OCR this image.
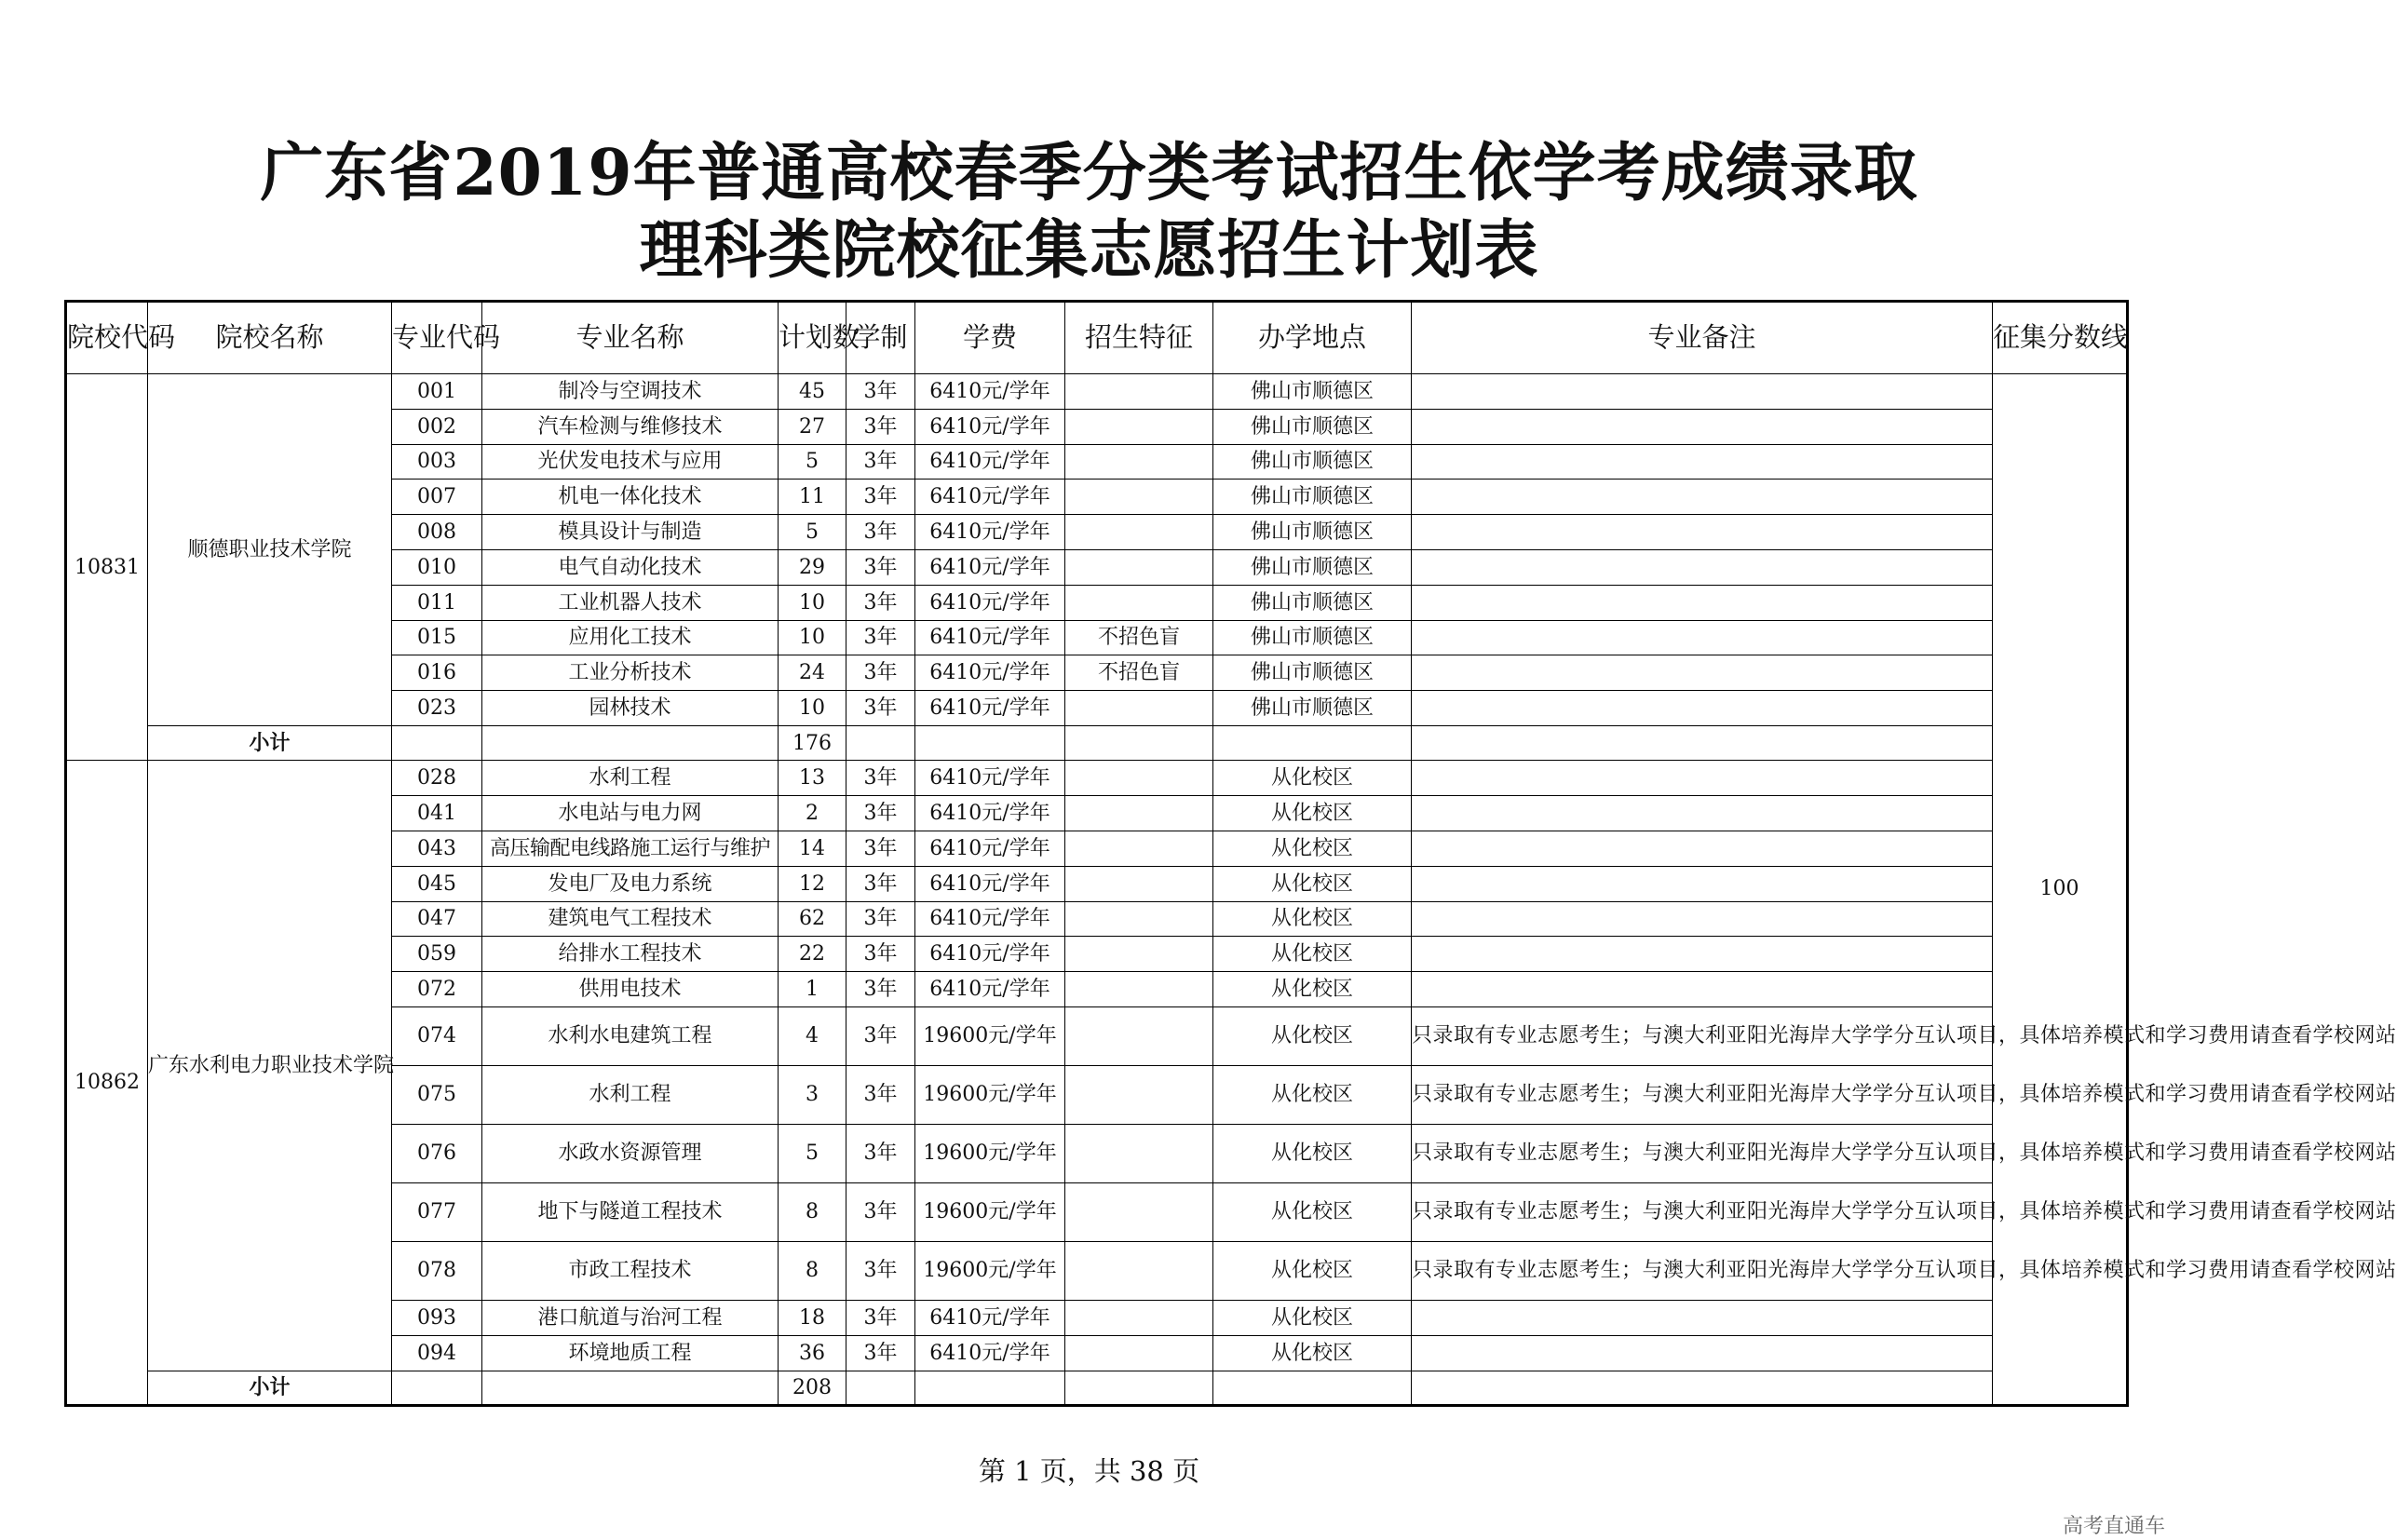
广东省2019年普通高校春季分类考试招生依学考成绩录取
理科类院校征集志愿招生计划表
院校代码	院校名称	专业代码	专业名称	计划数	学制	学费	招生特征	办学地点	专业备注	征集分数线
10831	顺德职业技术学院	001	制冷与空调技术	45	3年	6410元/学年		佛山市顺德区		100
		002	汽车检测与维修技术	27	3年	6410元/学年		佛山市顺德区		
		003	光伏发电技术与应用	5	3年	6410元/学年		佛山市顺德区		
		007	机电一体化技术	11	3年	6410元/学年		佛山市顺德区		
		008	模具设计与制造	5	3年	6410元/学年		佛山市顺德区		
		010	电气自动化技术	29	3年	6410元/学年		佛山市顺德区		
		011	工业机器人技术	10	3年	6410元/学年		佛山市顺德区		
		015	应用化工技术	10	3年	6410元/学年	不招色盲	佛山市顺德区		
		016	工业分析技术	24	3年	6410元/学年	不招色盲	佛山市顺德区		
		023	园林技术	10	3年	6410元/学年		佛山市顺德区		
	小计			176						
10862	广东水利电力职业技术学院	028	水利工程	13	3年	6410元/学年		从化校区		
		041	水电站与电力网	2	3年	6410元/学年		从化校区		
		043	高压输配电线路施工运行与维护	14	3年	6410元/学年		从化校区		
		045	发电厂及电力系统	12	3年	6410元/学年		从化校区		
		047	建筑电气工程技术	62	3年	6410元/学年		从化校区		
		059	给排水工程技术	22	3年	6410元/学年		从化校区		
		072	供用电技术	1	3年	6410元/学年		从化校区		
		074	水利水电建筑工程	4	3年	19600元/学年		从化校区	只录取有专业志愿考生；与澳大利亚阳光海岸大学学分互认项目，具体培养模式和学习费用请查看学校网站	
		075	水利工程	3	3年	19600元/学年		从化校区	只录取有专业志愿考生；与澳大利亚阳光海岸大学学分互认项目，具体培养模式和学习费用请查看学校网站	
		076	水政水资源管理	5	3年	19600元/学年		从化校区	只录取有专业志愿考生；与澳大利亚阳光海岸大学学分互认项目，具体培养模式和学习费用请查看学校网站	
		077	地下与隧道工程技术	8	3年	19600元/学年		从化校区	只录取有专业志愿考生；与澳大利亚阳光海岸大学学分互认项目，具体培养模式和学习费用请查看学校网站	
		078	市政工程技术	8	3年	19600元/学年		从化校区	只录取有专业志愿考生；与澳大利亚阳光海岸大学学分互认项目，具体培养模式和学习费用请查看学校网站	
		093	港口航道与治河工程	18	3年	6410元/学年		从化校区		
		094	环境地质工程	36	3年	6410元/学年		从化校区		
	小计			208						
第 1 页，共 38 页
高考直通车
